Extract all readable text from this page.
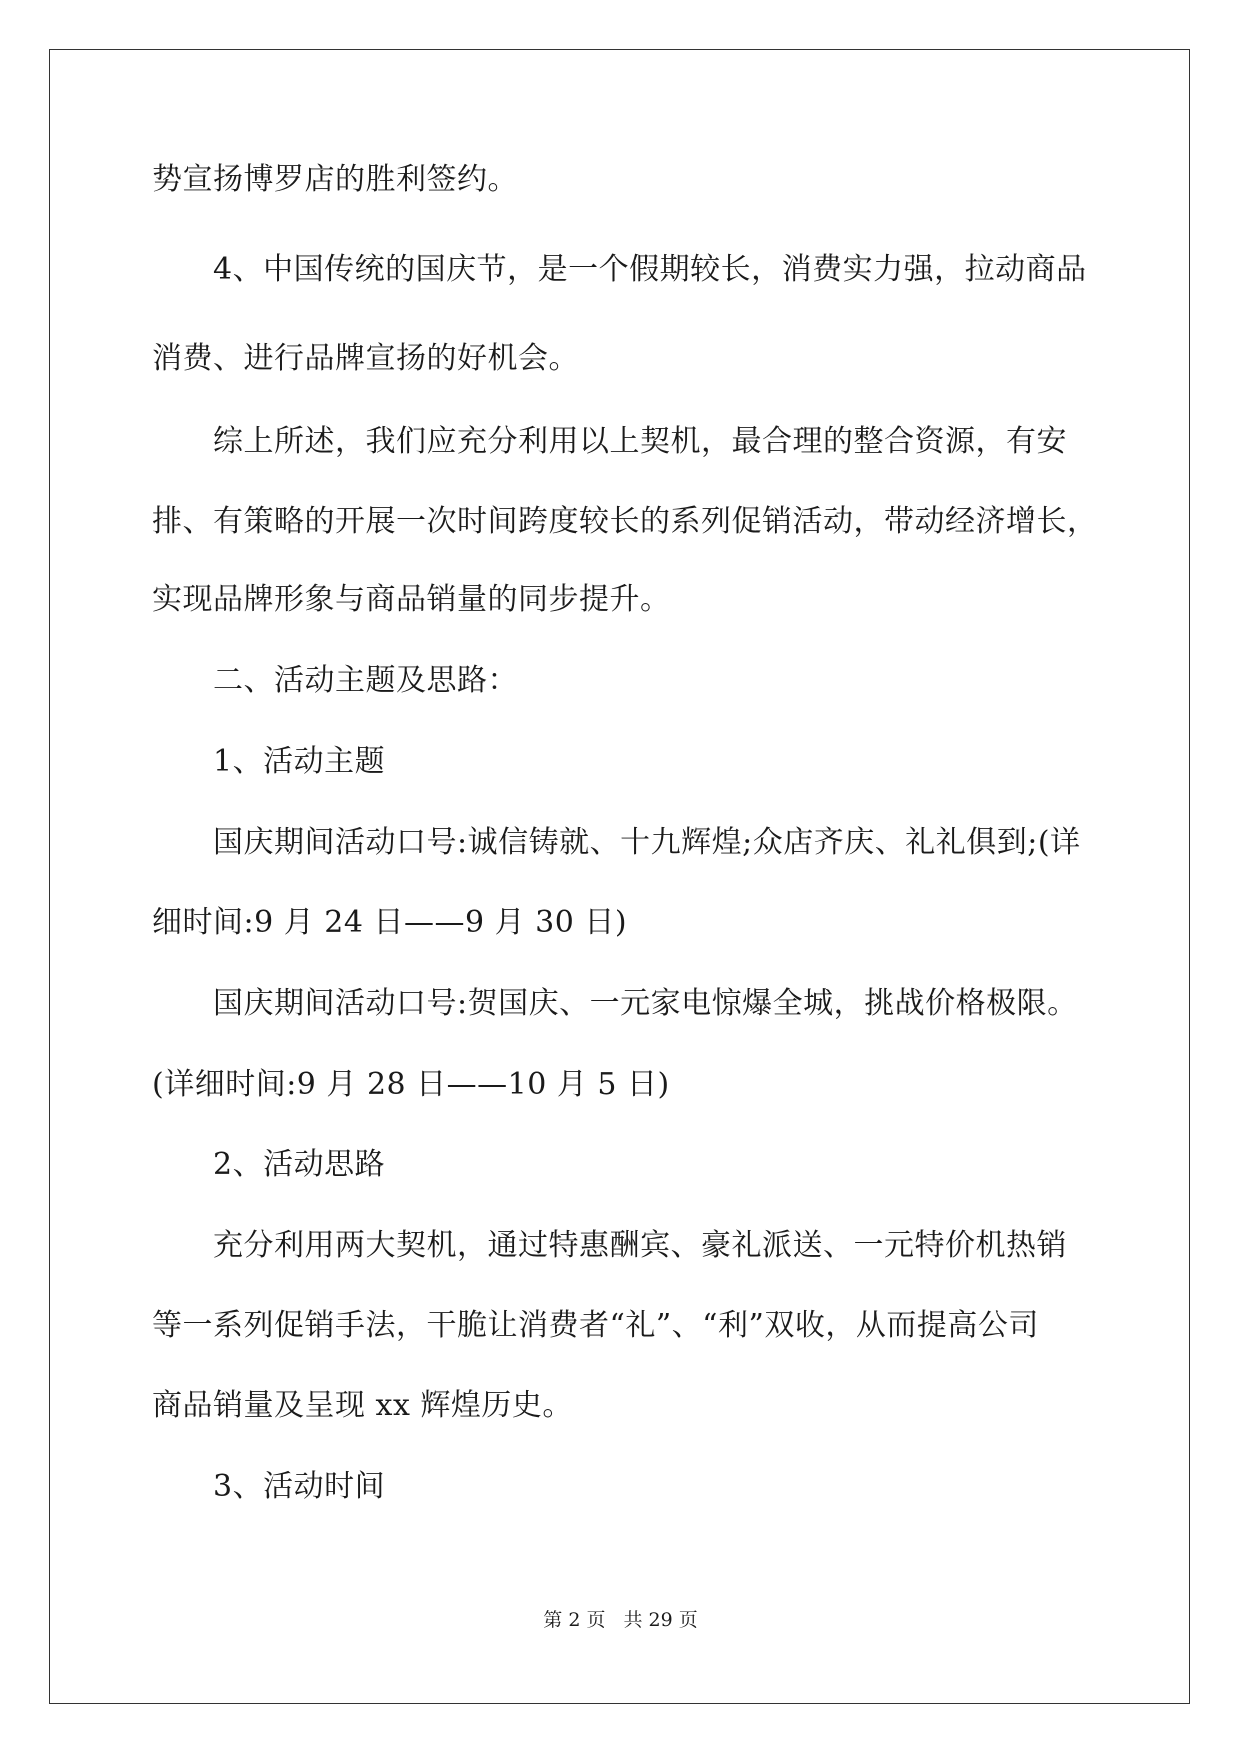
势宣扬博罗店的胜利签约。
　　4、中国传统的国庆节，是一个假期较长，消费实力强，拉动商品
消费、进行品牌宣扬的好机会。
　　综上所述，我们应充分利用以上契机，最合理的整合资源，有安
排、有策略的开展一次时间跨度较长的系列促销活动，带动经济增长，
实现品牌形象与商品销量的同步提升。
　　二、活动主题及思路：
　　1、活动主题
　　国庆期间活动口号:诚信铸就、十九辉煌;众店齐庆、礼礼俱到;(详
细时间:9 月 24 日——9 月 30 日)
　　国庆期间活动口号:贺国庆、一元家电惊爆全城，挑战价格极限。
(详细时间:9 月 28 日——10 月 5 日)
　　2、活动思路
　　充分利用两大契机，通过特惠酬宾、豪礼派送、一元特价机热销
等一系列促销手法，干脆让消费者“礼”、“利”双收，从而提高公司
商品销量及呈现 xx 辉煌历史。
　　3、活动时间
第 2 页 共 29 页
